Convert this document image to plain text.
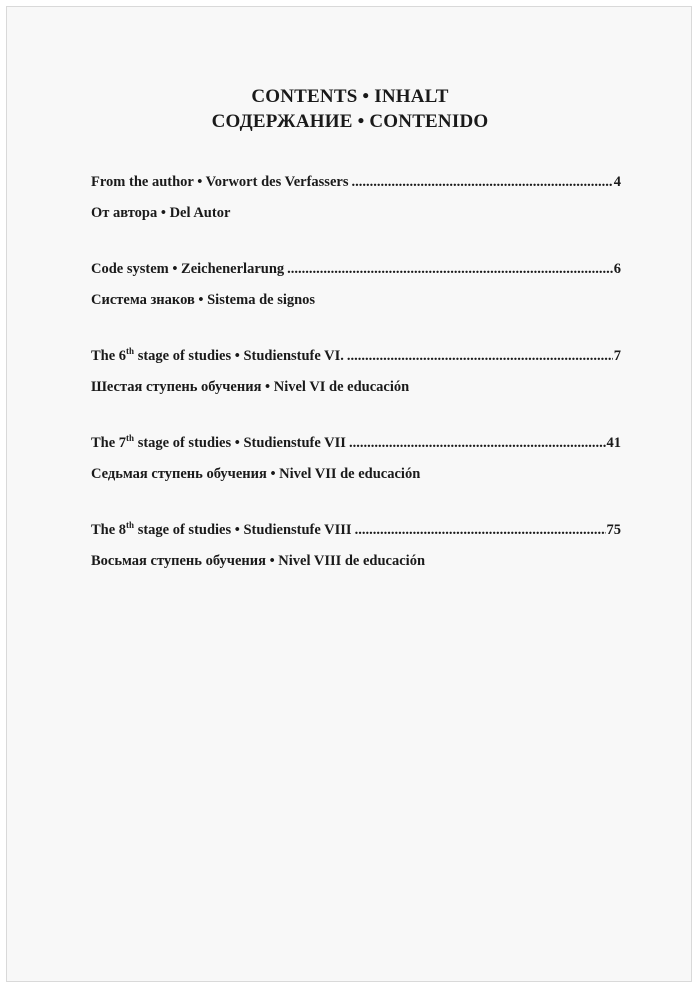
CONTENTS • INHALT
СОДЕРЖАНИЕ • CONTENIDO
From the author • Vorwort des Verfassers .....	4
От автора • Del Autor
Code system • Zeichenerlarung .....	6
Система знаков • Sistema de signos
The 6th stage of studies • Studienstufe VI. .....	7
Шестая ступень обучения • Nivel VI de educación
The 7th stage of studies • Studienstufe VII .....	41
Седьмая ступень обучения • Nivel VII de educación
The 8th stage of studies • Studienstufe VIII .....	75
Восьмая ступень обучения • Nivel VIII de educación
